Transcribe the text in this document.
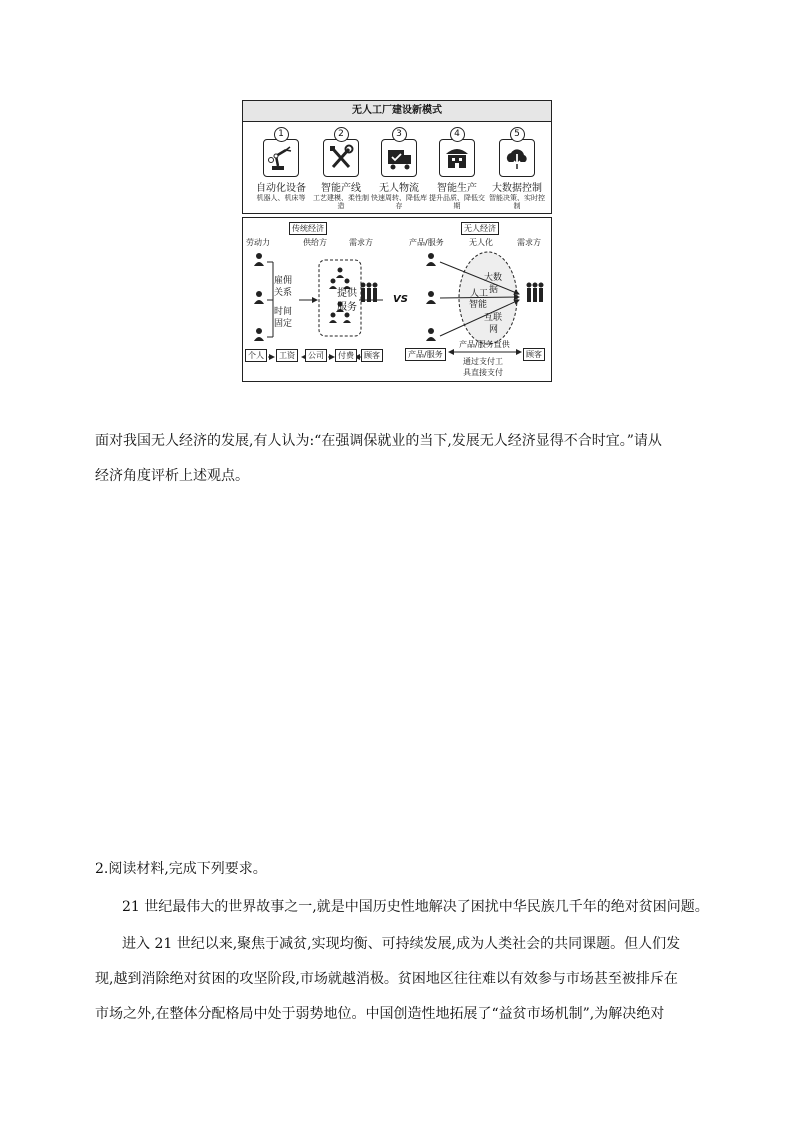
无人工厂建设新模式
1
自动化设备
机器人、机床等
2
智能产线
工艺建模、柔性制造
3
无人物流
快速周转、降低库存
4
智能生产
提升品质、降低交期
5
大数据控制
智能决策、实时控制
传统经济
劳动力	供给方	需求方
雇佣
关系
时间
固定
提供
服务
个人	工资	公司	付费	顾客
VS
无人经济
产品/服务	无人化	需求方
大数
据
人工
智能
互联
网
产品/服务
产品/服务直供
通过支付工
具直接支付
顾客
面对我国无人经济的发展,有人认为:“在强调保就业的当下,发展无人经济显得不合时宜。”请从
经济角度评析上述观点。
2.阅读材料,完成下列要求。
21 世纪最伟大的世界故事之一,就是中国历史性地解决了困扰中华民族几千年的绝对贫困问题。
进入 21 世纪以来,聚焦于减贫,实现均衡、可持续发展,成为人类社会的共同课题。但人们发
现,越到消除绝对贫困的攻坚阶段,市场就越消极。贫困地区往往难以有效参与市场甚至被排斥在
市场之外,在整体分配格局中处于弱势地位。中国创造性地拓展了“益贫市场机制”,为解决绝对
